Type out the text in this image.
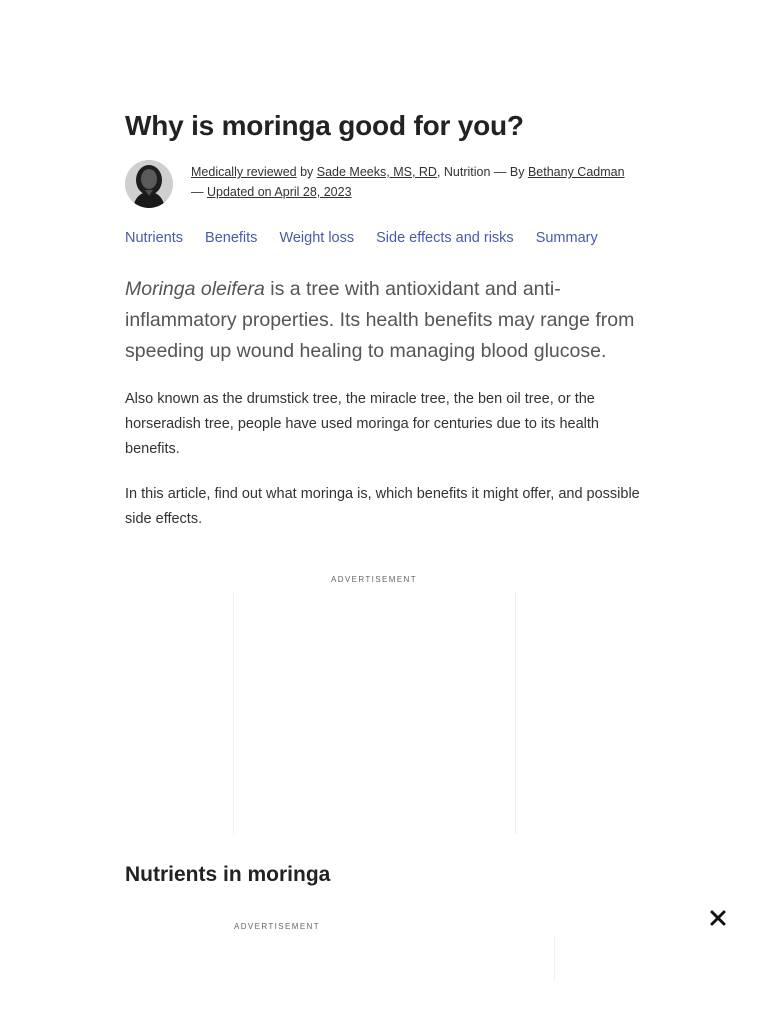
Why is moringa good for you?
Medically reviewed by Sade Meeks, MS, RD, Nutrition — By Bethany Cadman
— Updated on April 28, 2023
Nutrients Benefits Weight loss Side effects and risks Summary

Moringa oleifera is a tree with antioxidant and anti-inflammatory properties. Its health benefits may range from speeding up wound healing to managing blood glucose.

Also known as the drumstick tree, the miracle tree, the ben oil tree, or the horseradish tree, people have used moringa for centuries due to its health benefits.

In this article, find out what moringa is, which benefits it might offer, and possible side effects.

ADVERTISEMENT
Nutrients in moringa
ADVERTISEMENT
